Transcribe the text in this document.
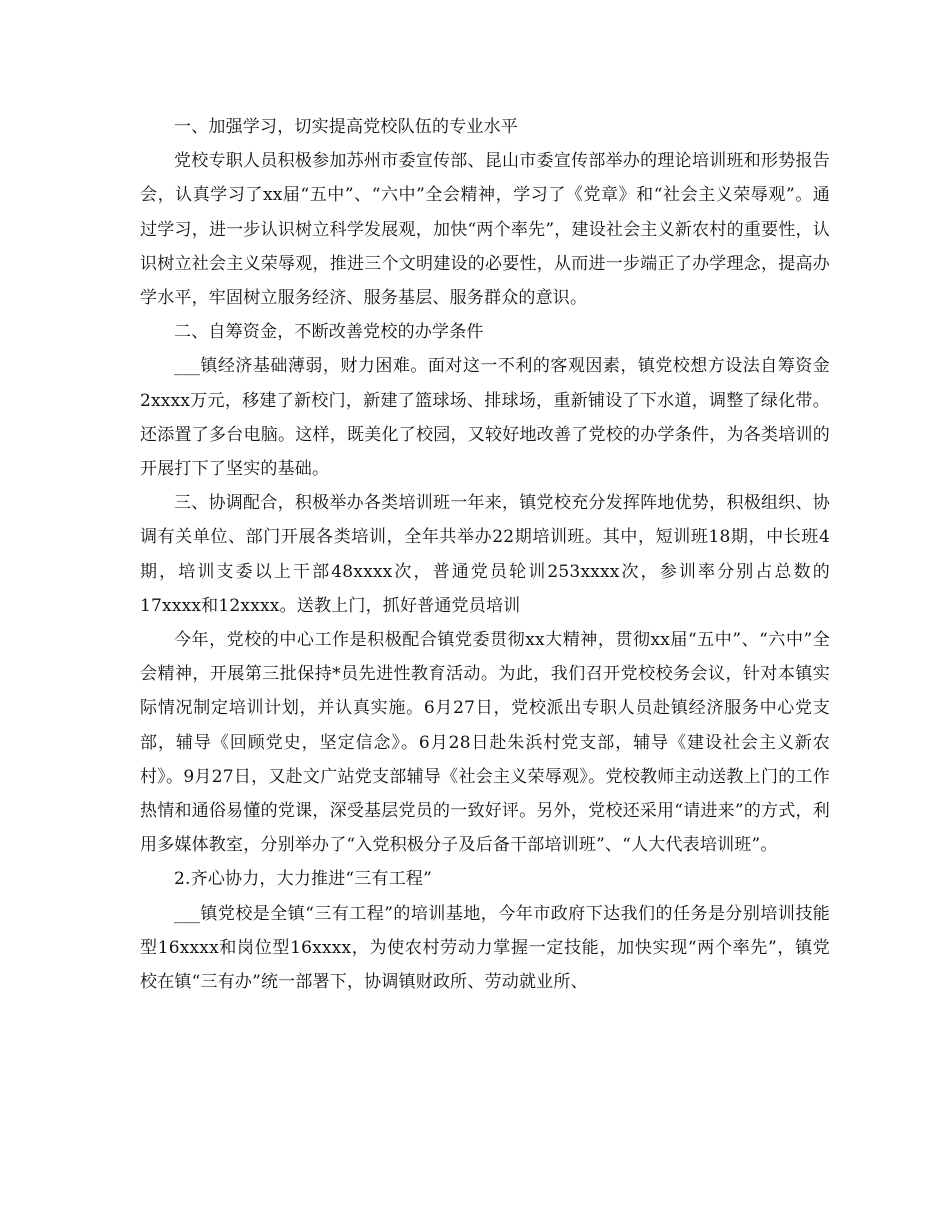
一、加强学习，切实提高党校队伍的专业水平

党校专职人员积极参加苏州市委宣传部、昆山市委宣传部举办的理论培训班和形势报告会，认真学习了xx届“五中”、“六中”全会精神，学习了《党章》和“社会主义荣辱观”。通过学习，进一步认识树立科学发展观，加快“两个率先”，建设社会主义新农村的重要性，认识树立社会主义荣辱观，推进三个文明建设的必要性，从而进一步端正了办学理念，提高办学水平，牢固树立服务经济、服务基层、服务群众的意识。

二、自筹资金，不断改善党校的办学条件

___镇经济基础薄弱，财力困难。面对这一不利的客观因素，镇党校想方设法自筹资金2xxxx万元，移建了新校门，新建了篮球场、排球场，重新铺设了下水道，调整了绿化带。还添置了多台电脑。这样，既美化了校园，又较好地改善了党校的办学条件，为各类培训的开展打下了坚实的基础。

三、协调配合，积极举办各类培训班一年来，镇党校充分发挥阵地优势，积极组织、协调有关单位、部门开展各类培训，全年共举办22期培训班。其中，短训班18期，中长班4期，培训支委以上干部48xxxx次，普通党员轮训253xxxx次，参训率分别占总数的17xxxx和12xxxx。送教上门，抓好普通党员培训

今年，党校的中心工作是积极配合镇党委贯彻xx大精神，贯彻xx届“五中”、“六中”全会精神，开展第三批保持*员先进性教育活动。为此，我们召开党校校务会议，针对本镇实际情况制定培训计划，并认真实施。6月27日，党校派出专职人员赴镇经济服务中心党支部，辅导《回顾党史，坚定信念》。6月28日赴朱浜村党支部，辅导《建设社会主义新农村》。9月27日，又赴文广站党支部辅导《社会主义荣辱观》。党校教师主动送教上门的工作热情和通俗易懂的党课，深受基层党员的一致好评。另外，党校还采用“请进来”的方式，利用多媒体教室，分别举办了“入党积极分子及后备干部培训班”、“人大代表培训班”。

2.齐心协力，大力推进“三有工程”

___镇党校是全镇“三有工程”的培训基地，今年市政府下达我们的任务是分别培训技能型16xxxx和岗位型16xxxx，为使农村劳动力掌握一定技能，加快实现“两个率先”，镇党校在镇“三有办”统一部署下，协调镇财政所、劳动就业所、
